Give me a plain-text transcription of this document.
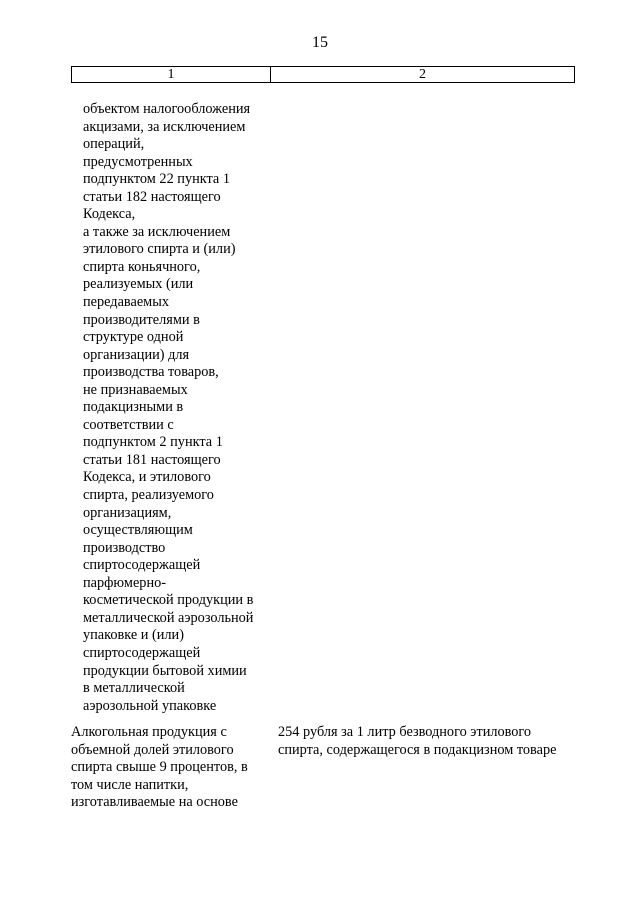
15
1	2
объектом налогообложения
акцизами, за исключением
операций,
предусмотренных
подпунктом 22 пункта 1
статьи 182 настоящего
Кодекса,
а также за исключением
этилового спирта и (или)
спирта коньячного,
реализуемых (или
передаваемых
производителями в
структуре одной
организации) для
производства товаров,
не признаваемых
подакцизными в
соответствии с
подпунктом 2 пункта 1
статьи 181 настоящего
Кодекса, и этилового
спирта, реализуемого
организациям,
осуществляющим
производство
спиртосодержащей
парфюмерно-
косметической продукции в
металлической аэрозольной
упаковке и (или)
спиртосодержащей
продукции бытовой химии
в металлической
аэрозольной упаковке
Алкогольная продукция с
объемной долей этилового
спирта свыше 9 процентов, в
том числе напитки,
изготавливаемые на основе
254 рубля за 1 литр безводного этилового
спирта, содержащегося в подакцизном товаре
